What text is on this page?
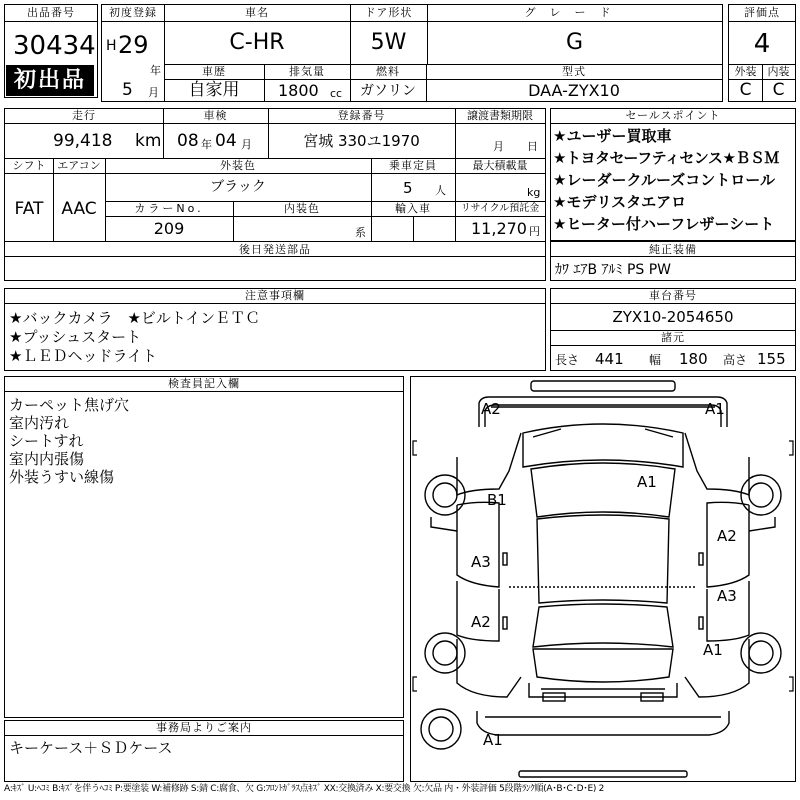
出品番号
30434
初出品
初度登録
H 29
年
5 月
車名
C-HR
ドア形状
5W
グレード
G
車歴
自家用
排気量
1800 cc
燃料
ガソリン
型式
DAA-ZYX10
評価点
4
外装	内装
C	C
走行
99,418 km
車検
08 年 04 月
登録番号
宮城 330ユ1970
譲渡書類期限
月 日
シフト
FAT
エアコン
AAC
外装色
ブラック
乗車定員
5 人
最大積載量
kg
カラーNo.
209
内装色
系
輸入車	リサイクル預託金
11,270 円
後日発送部品
セールスポイント
★ユーザー買取車
★トヨタセーフティセンス★ＢＳＭ
★レーダークルーズコントロール
★モデリスタエアロ
★ヒーター付ハーフレザーシート
純正装備
ｶﾜ ｴｱB ｱﾙﾐ PS PW
注意事項欄
★バックカメラ　★ビルトインＥＴＣ
★プッシュスタート
★ＬＥＤヘッドライト
車台番号
ZYX10-2054650
諸元
長さ 441 幅 180 高さ 155
検査員記入欄
カーペット焦げ穴
室内汚れ
シートすれ
室内内張傷
外装うすい線傷
事務局よりご案内
キーケース＋ＳＤケース
A2	A1
A1
B1
A3
A2
A2
A3
A1
A1
A:ｷｽﾞ U:ﾍｺﾐ B:ｷｽﾞを伴うﾍｺﾐ P:要塗装 W:補修跡 S:錆 C:腐食、欠 G:ﾌﾛﾝﾄｶﾞﾗｽ点ｷｽﾞ XX:交換済み X:要交換 欠:欠品 内・外装評価 5段階ﾗﾝｸ順(A･B･C･D･E) 2
